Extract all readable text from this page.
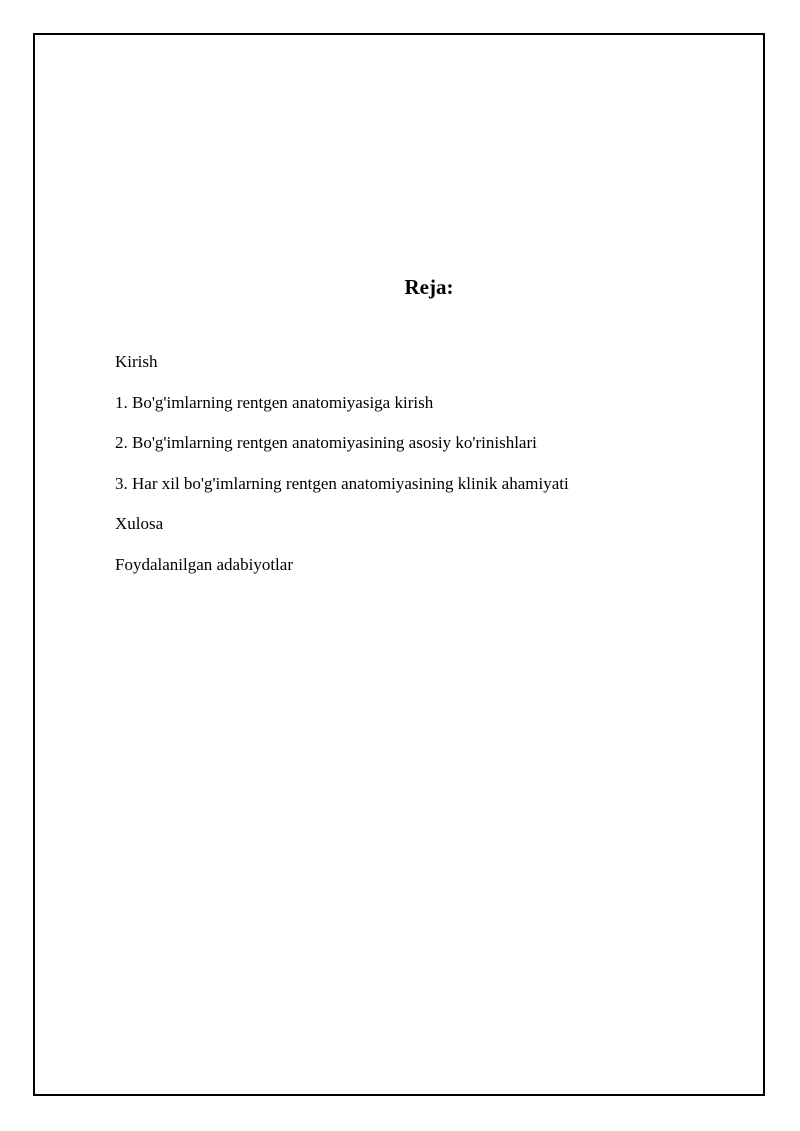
Reja:
Kirish
1. Bo'g'imlarning rentgen anatomiyasiga kirish
2. Bo'g'imlarning rentgen anatomiyasining asosiy ko'rinishlari
3. Har xil bo'g'imlarning rentgen anatomiyasining klinik ahamiyati
Xulosa
Foydalanilgan adabiyotlar
